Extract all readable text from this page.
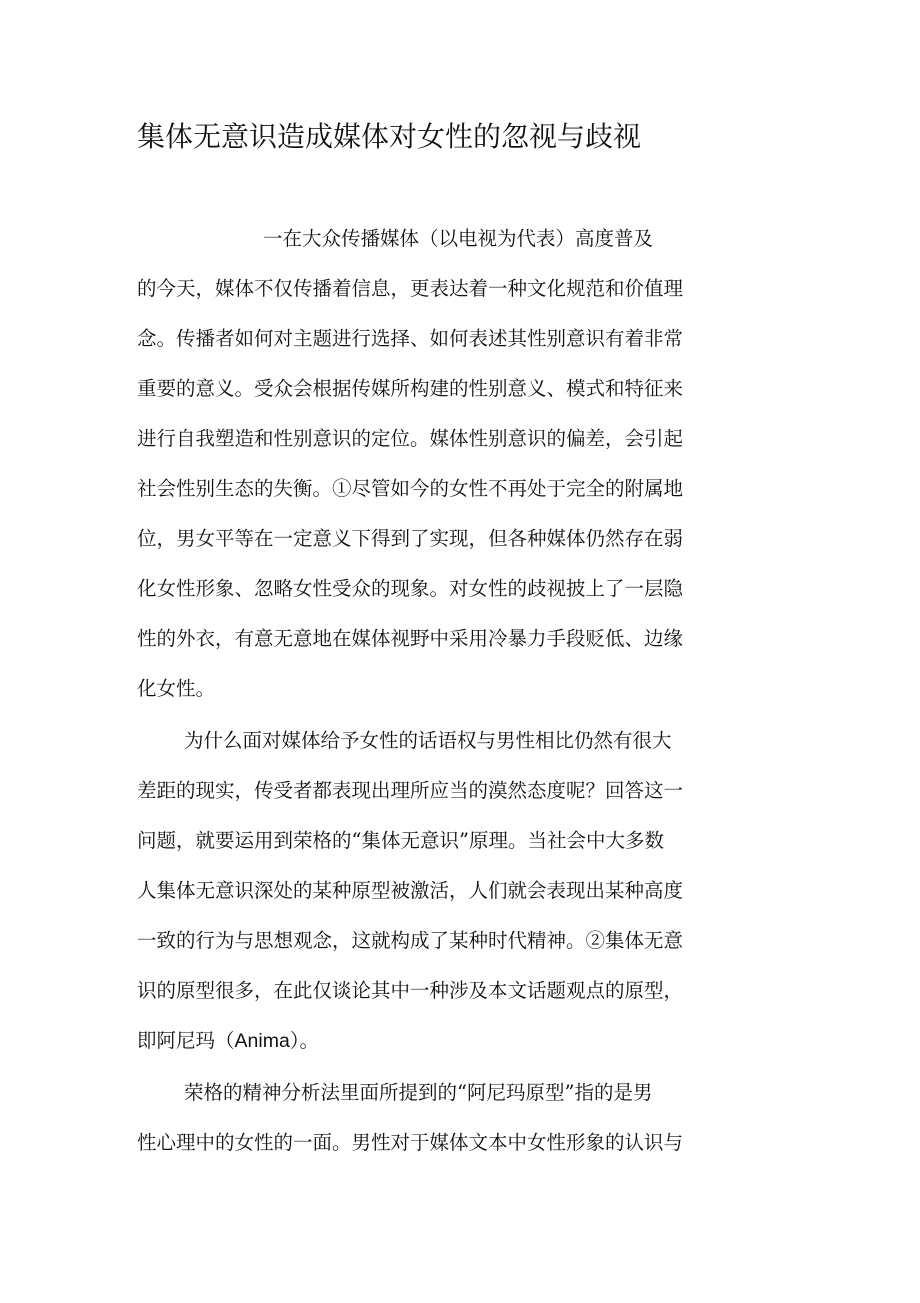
集体无意识造成媒体对女性的忽视与歧视

一在大众传播媒体（以电视为代表）高度普及

的今天，媒体不仅传播着信息，更表达着一种文化规范和价值理

念。传播者如何对主题进行选择、如何表述其性别意识有着非常

重要的意义。受众会根据传媒所构建的性别意义、模式和特征来

进行自我塑造和性别意识的定位。媒体性别意识的偏差，会引起

社会性别生态的失衡。①尽管如今的女性不再处于完全的附属地

位，男女平等在一定意义下得到了实现，但各种媒体仍然存在弱

化女性形象、忽略女性受众的现象。对女性的歧视披上了一层隐

性的外衣，有意无意地在媒体视野中采用冷暴力手段贬低、边缘

化女性。

为什么面对媒体给予女性的话语权与男性相比仍然有很大

差距的现实，传受者都表现出理所应当的漠然态度呢？回答这一

问题，就要运用到荣格的“集体无意识”原理。当社会中大多数

人集体无意识深处的某种原型被激活，人们就会表现出某种高度

一致的行为与思想观念，这就构成了某种时代精神。②集体无意

识的原型很多，在此仅谈论其中一种涉及本文话题观点的原型，

即阿尼玛（Anima）。

荣格的精神分析法里面所提到的“阿尼玛原型”指的是男

性心理中的女性的一面。男性对于媒体文本中女性形象的认识与
